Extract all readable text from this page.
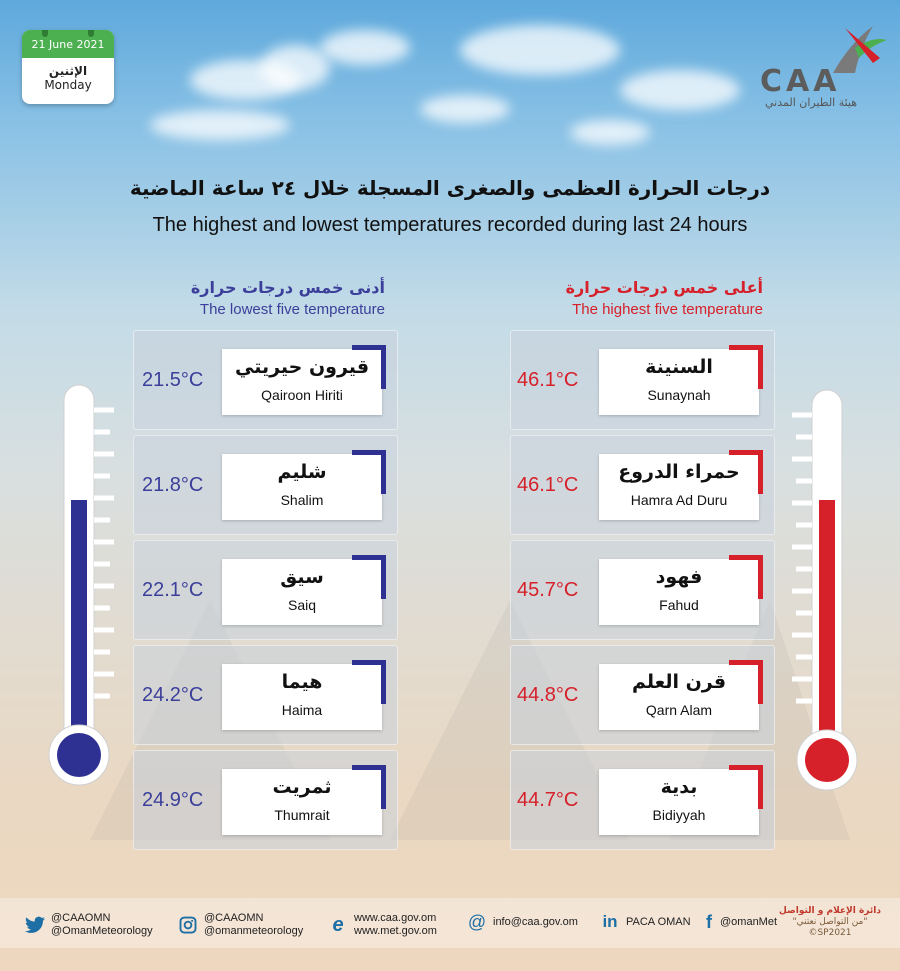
21 June 2021
الإثنين
Monday	CAA
هيئة الطيران المدني
درجات الحرارة العظمى والصغرى المسجلة خلال ٢٤ ساعة الماضية
The highest and lowest temperatures recorded during last 24 hours
أدنى خمس درجات حرارة
The lowest five temperature
أعلى خمس درجات حرارة
The highest five temperature
21.5°C
قيرون حيريتي
Qairoon Hiriti
21.8°C
شليم
Shalim
22.1°C
سيق
Saiq
24.2°C
هيما
Haima
24.9°C
ثمريت
Thumrait
46.1°C
السنينة
Sunaynah
46.1°C
حمراء الدروع
Hamra Ad Duru
45.7°C
فهود
Fahud
44.8°C
قرن العلم
Qarn Alam
44.7°C
بدية
Bidiyyah
@CAAOMN
@OmanMeteorology
@CAAOMN
@omanmeteorology e www.caa.gov.om
www.met.gov.om @ info@caa.gov.om in PACA OMAN f @omanMet
دائرة الإعلام و التواصل
"من التواصل نعتني"
©SP2021
